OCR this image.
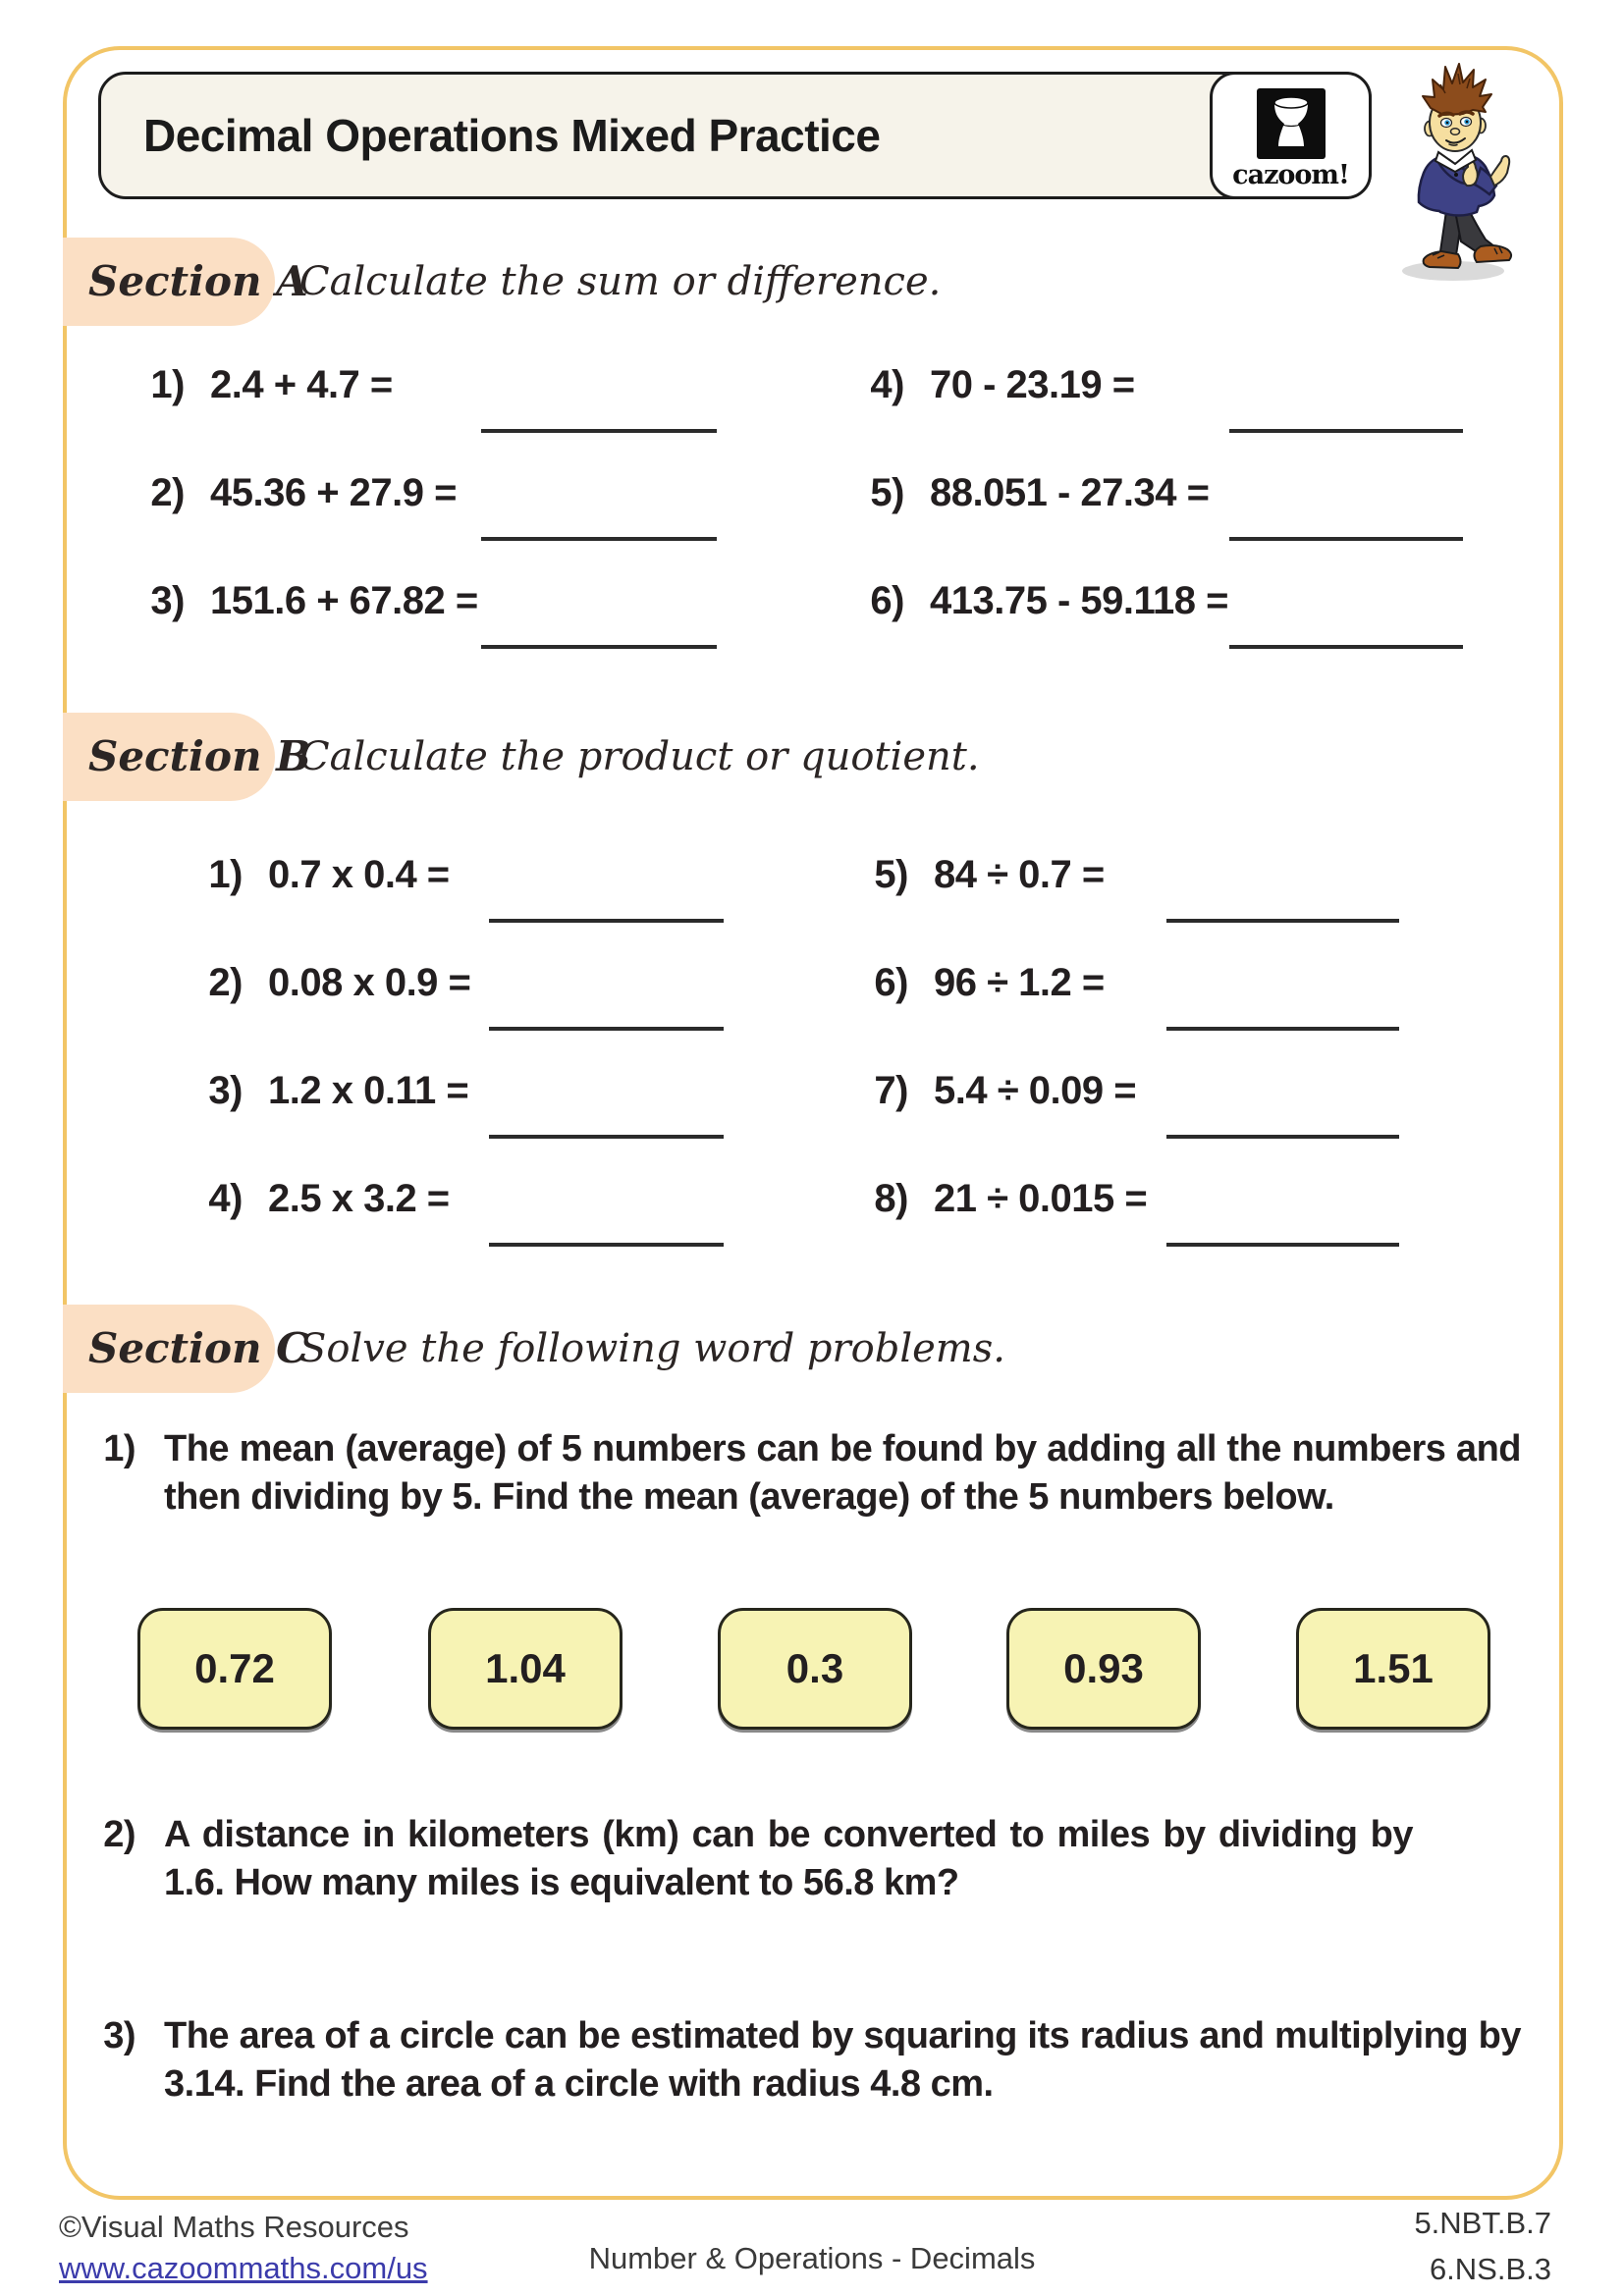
Decimal Operations Mixed Practice
cazoom!
Section A
Calculate the sum or difference.
1) 2.4 + 4.7 =
2) 45.36 + 27.9 =
3) 151.6 + 67.82 =
4) 70 - 23.19 =
5) 88.051 - 27.34 =
6) 413.75 - 59.118 =
Section B
Calculate the product or quotient.
1) 0.7 x 0.4 =
2) 0.08 x 0.9 =
3) 1.2 x 0.11 =
4) 2.5 x 3.2 =
5) 84 ÷ 0.7 =
6) 96 ÷ 1.2 =
7) 5.4 ÷ 0.09 =
8) 21 ÷ 0.015 =
Section C
Solve the following word problems.
1) The mean (average) of 5 numbers can be found by adding all the numbers and then dividing by 5. Find the mean (average) of the 5 numbers below.
0.72	1.04	0.3	0.93	1.51
2) A distance in kilometers (km) can be converted to miles by dividing by 1.6. How many miles is equivalent to 56.8 km?
3) The area of a circle can be estimated by squaring its radius and multiplying by 3.14. Find the area of a circle with radius 4.8 cm.
©Visual Maths Resources
www.cazoommaths.com/us	Number & Operations - Decimals
5.NBT.B.7
6.NS.B.3
